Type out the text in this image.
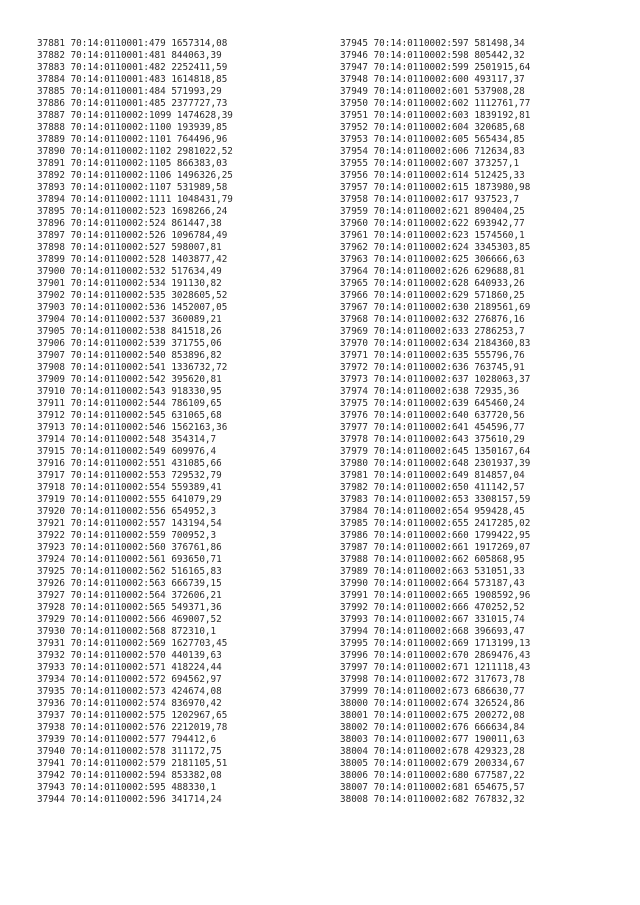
37881 70:14:0110001:479 1657314,08
37882 70:14:0110001:481 844063,39
37883 70:14:0110001:482 2252411,59
37884 70:14:0110001:483 1614818,85
37885 70:14:0110001:484 571993,29
37886 70:14:0110001:485 2377727,73
37887 70:14:0110002:1099 1474628,39
37888 70:14:0110002:1100 193939,85
37889 70:14:0110002:1101 764496,96
37890 70:14:0110002:1102 2981022,52
37891 70:14:0110002:1105 866383,03
37892 70:14:0110002:1106 1496326,25
37893 70:14:0110002:1107 531989,58
37894 70:14:0110002:1111 1048431,79
37895 70:14:0110002:523 1698266,24
37896 70:14:0110002:524 861447,38
37897 70:14:0110002:526 1096784,49
37898 70:14:0110002:527 598007,81
37899 70:14:0110002:528 1403877,42
37900 70:14:0110002:532 517634,49
37901 70:14:0110002:534 191130,82
37902 70:14:0110002:535 3028605,52
37903 70:14:0110002:536 1452007,05
37904 70:14:0110002:537 360089,21
37905 70:14:0110002:538 841518,26
37906 70:14:0110002:539 371755,06
37907 70:14:0110002:540 853896,82
37908 70:14:0110002:541 1336732,72
37909 70:14:0110002:542 395620,81
37910 70:14:0110002:543 918330,95
37911 70:14:0110002:544 786109,65
37912 70:14:0110002:545 631065,68
37913 70:14:0110002:546 1562163,36
37914 70:14:0110002:548 354314,7
37915 70:14:0110002:549 609976,4
37916 70:14:0110002:551 431085,66
37917 70:14:0110002:553 729532,79
37918 70:14:0110002:554 559389,41
37919 70:14:0110002:555 641079,29
37920 70:14:0110002:556 654952,3
37921 70:14:0110002:557 143194,54
37922 70:14:0110002:559 700952,3
37923 70:14:0110002:560 376761,86
37924 70:14:0110002:561 693650,71
37925 70:14:0110002:562 516165,83
37926 70:14:0110002:563 666739,15
37927 70:14:0110002:564 372606,21
37928 70:14:0110002:565 549371,36
37929 70:14:0110002:566 469007,52
37930 70:14:0110002:568 872310,1
37931 70:14:0110002:569 1627703,45
37932 70:14:0110002:570 440139,63
37933 70:14:0110002:571 418224,44
37934 70:14:0110002:572 694562,97
37935 70:14:0110002:573 424674,08
37936 70:14:0110002:574 836970,42
37937 70:14:0110002:575 1202967,65
37938 70:14:0110002:576 2212019,78
37939 70:14:0110002:577 794412,6
37940 70:14:0110002:578 311172,75
37941 70:14:0110002:579 2181105,51
37942 70:14:0110002:594 853382,08
37943 70:14:0110002:595 488330,1
37944 70:14:0110002:596 341714,24
37945 70:14:0110002:597 581498,34
37946 70:14:0110002:598 805442,32
37947 70:14:0110002:599 2501915,64
37948 70:14:0110002:600 493117,37
37949 70:14:0110002:601 537908,28
37950 70:14:0110002:602 1112761,77
37951 70:14:0110002:603 1839192,81
37952 70:14:0110002:604 320685,68
37953 70:14:0110002:605 565434,85
37954 70:14:0110002:606 712634,83
37955 70:14:0110002:607 373257,1
37956 70:14:0110002:614 512425,33
37957 70:14:0110002:615 1873980,98
37958 70:14:0110002:617 937523,7
37959 70:14:0110002:621 890404,25
37960 70:14:0110002:622 693942,77
37961 70:14:0110002:623 1574560,1
37962 70:14:0110002:624 3345303,85
37963 70:14:0110002:625 306666,63
37964 70:14:0110002:626 629688,81
37965 70:14:0110002:628 640933,26
37966 70:14:0110002:629 571860,25
37967 70:14:0110002:630 2189561,69
37968 70:14:0110002:632 276876,16
37969 70:14:0110002:633 2786253,7
37970 70:14:0110002:634 2184360,83
37971 70:14:0110002:635 555796,76
37972 70:14:0110002:636 763745,91
37973 70:14:0110002:637 1028063,37
37974 70:14:0110002:638 72935,36
37975 70:14:0110002:639 645460,24
37976 70:14:0110002:640 637720,56
37977 70:14:0110002:641 454596,77
37978 70:14:0110002:643 375610,29
37979 70:14:0110002:645 1350167,64
37980 70:14:0110002:648 2301937,39
37981 70:14:0110002:649 814857,04
37982 70:14:0110002:650 411142,57
37983 70:14:0110002:653 3308157,59
37984 70:14:0110002:654 959428,45
37985 70:14:0110002:655 2417285,02
37986 70:14:0110002:660 1799422,95
37987 70:14:0110002:661 1917269,07
37988 70:14:0110002:662 605868,95
37989 70:14:0110002:663 531051,33
37990 70:14:0110002:664 573187,43
37991 70:14:0110002:665 1908592,96
37992 70:14:0110002:666 470252,52
37993 70:14:0110002:667 331015,74
37994 70:14:0110002:668 396693,47
37995 70:14:0110002:669 1713199,13
37996 70:14:0110002:670 2869476,43
37997 70:14:0110002:671 1211118,43
37998 70:14:0110002:672 317673,78
37999 70:14:0110002:673 686630,77
38000 70:14:0110002:674 326524,86
38001 70:14:0110002:675 200272,08
38002 70:14:0110002:676 666634,84
38003 70:14:0110002:677 190011,63
38004 70:14:0110002:678 429323,28
38005 70:14:0110002:679 200334,67
38006 70:14:0110002:680 677587,22
38007 70:14:0110002:681 654675,57
38008 70:14:0110002:682 767832,32
